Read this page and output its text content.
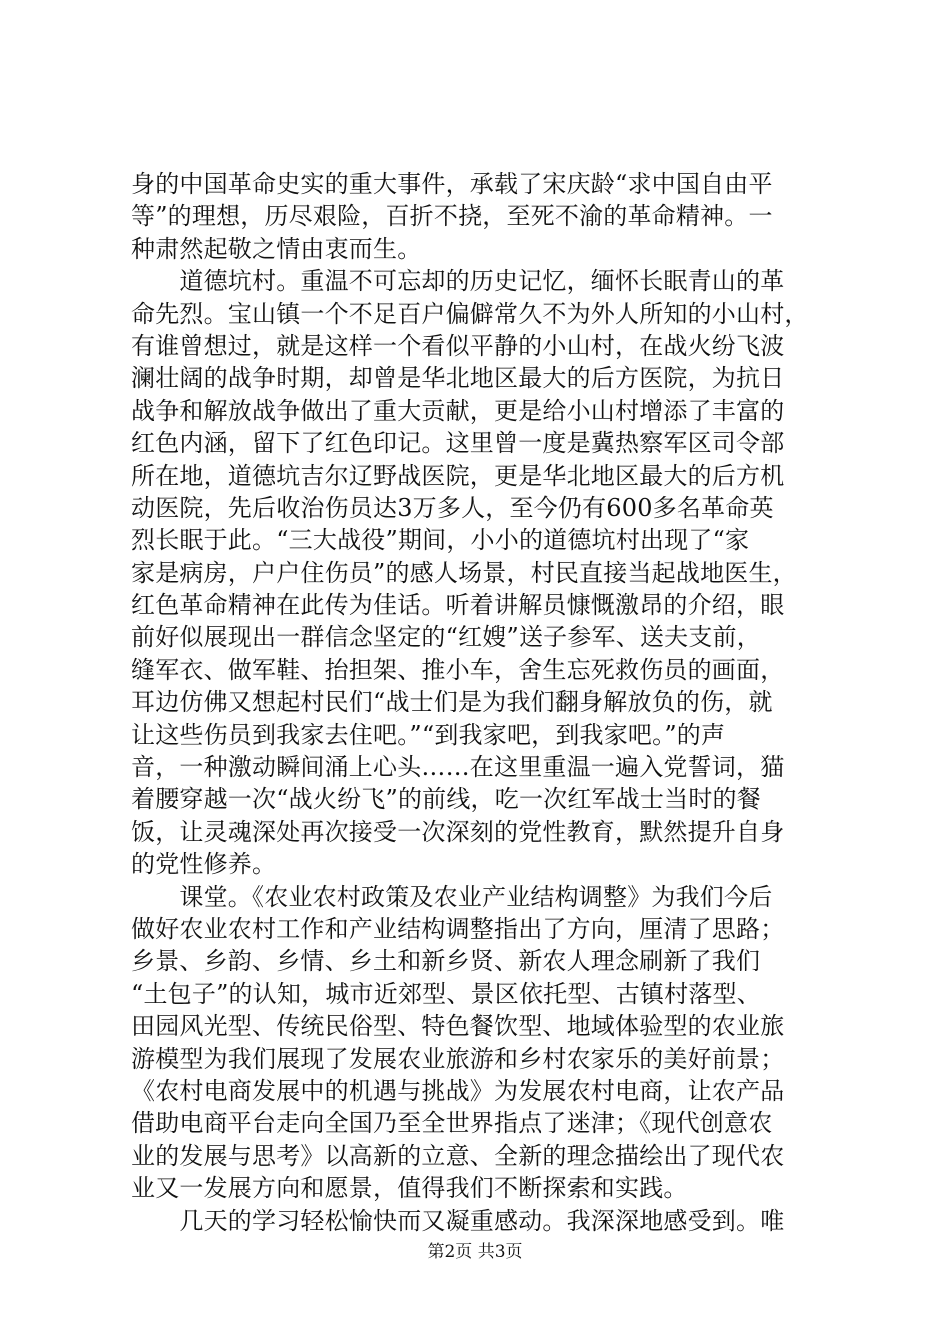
身的中国革命史实的重大事件，承载了宋庆龄“求中国自由平
等”的理想，历尽艰险，百折不挠，至死不渝的革命精神。一
种肃然起敬之情由衷而生。
　　道德坑村。重温不可忘却的历史记忆，缅怀长眠青山的革
命先烈。宝山镇一个不足百户偏僻常久不为外人所知的小山村，
有谁曾想过，就是这样一个看似平静的小山村，在战火纷飞波
澜壮阔的战争时期，却曾是华北地区最大的后方医院，为抗日
战争和解放战争做出了重大贡献，更是给小山村增添了丰富的
红色内涵，留下了红色印记。这里曾一度是冀热察军区司令部
所在地，道德坑吉尔辽野战医院，更是华北地区最大的后方机
动医院，先后收治伤员达3万多人，至今仍有600多名革命英
烈长眠于此。“三大战役”期间，小小的道德坑村出现了“家
家是病房，户户住伤员”的感人场景，村民直接当起战地医生，
红色革命精神在此传为佳话。听着讲解员慷慨激昂的介绍，眼
前好似展现出一群信念坚定的“红嫂”送子参军、送夫支前，
缝军衣、做军鞋、抬担架、推小车，舍生忘死救伤员的画面，
耳边仿佛又想起村民们“战士们是为我们翻身解放负的伤，就
让这些伤员到我家去住吧。”“到我家吧，到我家吧。”的声
音，一种激动瞬间涌上心头……在这里重温一遍入党誓词，猫
着腰穿越一次“战火纷飞”的前线，吃一次红军战士当时的餐
饭，让灵魂深处再次接受一次深刻的党性教育，默然提升自身
的党性修养。
　　课堂。《农业农村政策及农业产业结构调整》为我们今后
做好农业农村工作和产业结构调整指出了方向，厘清了思路；
乡景、乡韵、乡情、乡土和新乡贤、新农人理念刷新了我们
“土包子”的认知，城市近郊型、景区依托型、古镇村落型、
田园风光型、传统民俗型、特色餐饮型、地域体验型的农业旅
游模型为我们展现了发展农业旅游和乡村农家乐的美好前景；
《农村电商发展中的机遇与挑战》为发展农村电商，让农产品
借助电商平台走向全国乃至全世界指点了迷津；《现代创意农
业的发展与思考》以高新的立意、全新的理念描绘出了现代农
业又一发展方向和愿景，值得我们不断探索和实践。
　　几天的学习轻松愉快而又凝重感动。我深深地感受到。唯
第2页 共3页
